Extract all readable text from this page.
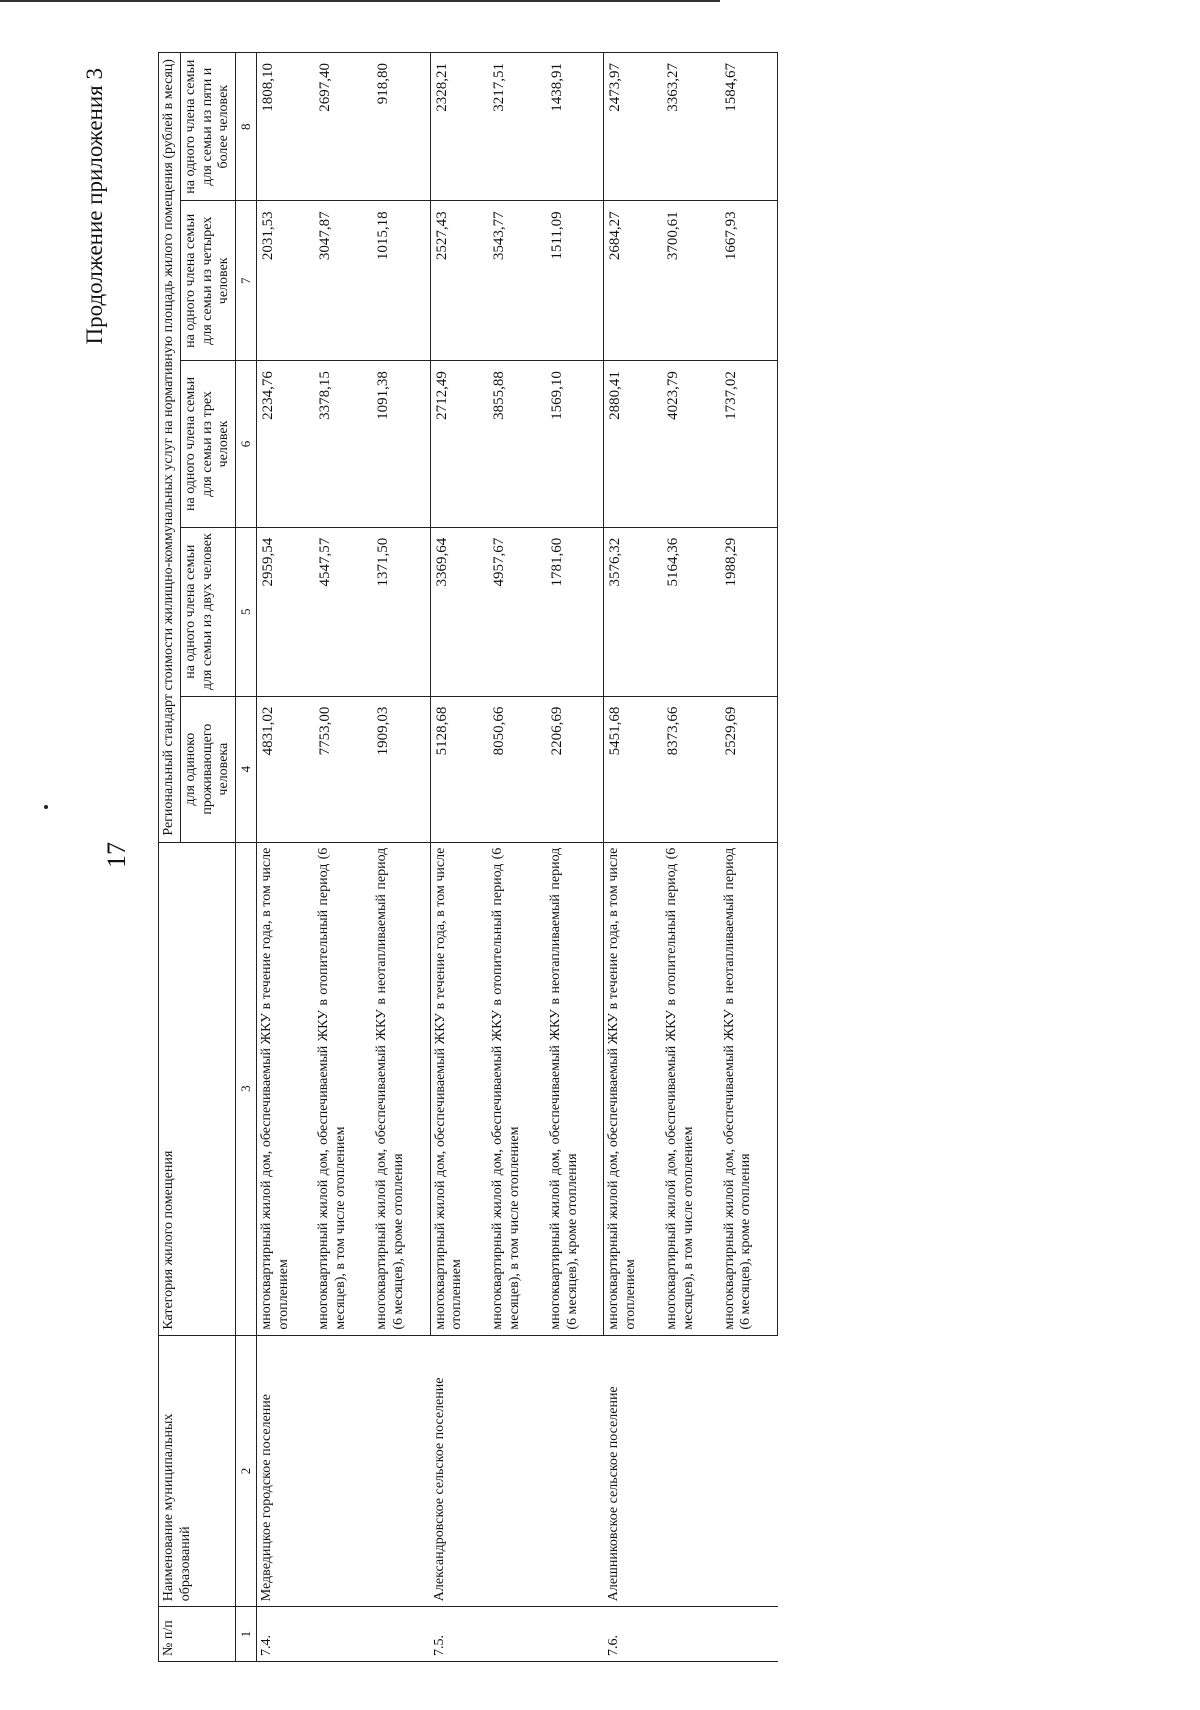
17
Продолжение приложения 3
№ п/п	Наименование муниципальных образований	Категория жилого помещения	Региональный стандарт стоимости жилищно-коммунальных услуг на нормативную площадь жилого помещения (рублей в месяц)				
			для одиноко проживающего человека	на одного члена семьи для семьи из двух человек	на одного члена семьи для семьи из трех человек	на одного члена семьи для семьи из четырех человек	на одного члена семьи для семьи из пяти и более человек
1	2	3	4	5	6	7	8
7.4.	Медведицкое городское поселение	многоквартирный жилой дом, обеспечиваемый ЖКУ в течение года, в том числе отоплением	4831,02	2959,54	2234,76	2031,53	1808,10
		многоквартирный жилой дом, обеспечиваемый ЖКУ в отопительный период (6 месяцев), в том числе отоплением	7753,00	4547,57	3378,15	3047,87	2697,40
		многоквартирный жилой дом, обеспечиваемый ЖКУ в неотапливаемый период (6 месяцев), кроме отопления	1909,03	1371,50	1091,38	1015,18	918,80
7.5.	Александровское сельское поселение	многоквартирный жилой дом, обеспечиваемый ЖКУ в течение года, в том числе отоплением	5128,68	3369,64	2712,49	2527,43	2328,21
		многоквартирный жилой дом, обеспечиваемый ЖКУ в отопительный период (6 месяцев), в том числе отоплением	8050,66	4957,67	3855,88	3543,77	3217,51
		многоквартирный жилой дом, обеспечиваемый ЖКУ в неотапливаемый период (6 месяцев), кроме отопления	2206,69	1781,60	1569,10	1511,09	1438,91
7.6.	Алешниковское сельское поселение	многоквартирный жилой дом, обеспечиваемый ЖКУ в течение года, в том числе отоплением	5451,68	3576,32	2880,41	2684,27	2473,97
		многоквартирный жилой дом, обеспечиваемый ЖКУ в отопительный период (6 месяцев), в том числе отоплением	8373,66	5164,36	4023,79	3700,61	3363,27
		многоквартирный жилой дом, обеспечиваемый ЖКУ в неотапливаемый период (6 месяцев), кроме отопления	2529,69	1988,29	1737,02	1667,93	1584,67
